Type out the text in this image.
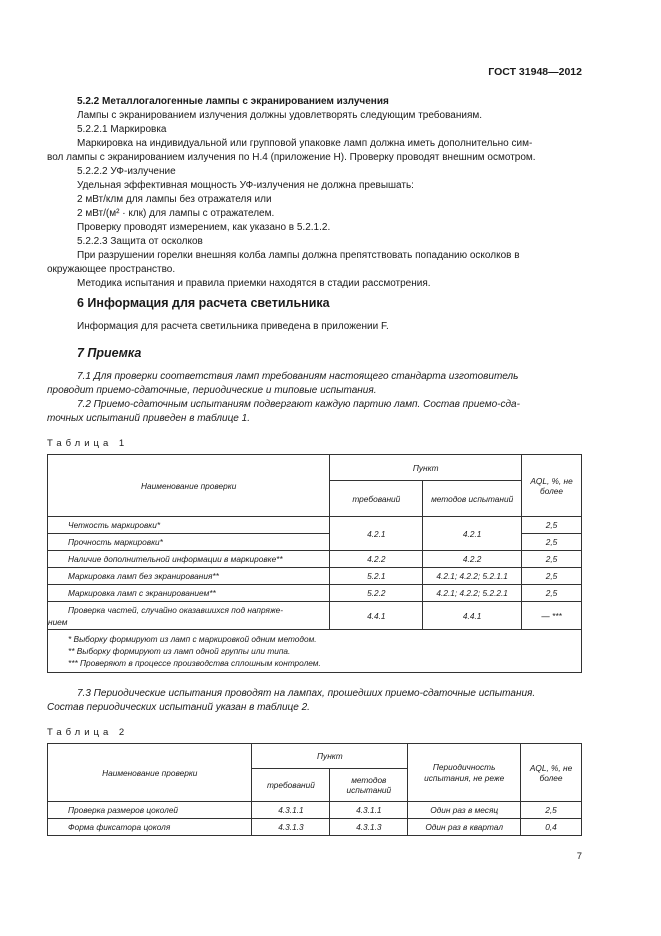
ГОСТ 31948—2012
5.2.2 Металлогалогенные лампы с экранированием излучения
Лампы с экранированием излучения должны удовлетворять следующим требованиям.
5.2.2.1 Маркировка
Маркировка на индивидуальной или групповой упаковке ламп должна иметь дополнительно сим-
вол лампы с экранированием излучения по Н.4 (приложение Н). Проверку проводят внешним осмотром.
5.2.2.2 УФ-излучение
Удельная эффективная мощность УФ-излучения не должна превышать:
2 мВт/клм для лампы без отражателя или
2 мВт/(м² · клк) для лампы с отражателем.
Проверку проводят измерением, как указано в 5.2.1.2.
5.2.2.3 Защита от осколков
При разрушении горелки внешняя колба лампы должна препятствовать попаданию осколков в
окружающее пространство.
Методика испытания и правила приемки находятся в стадии рассмотрения.
6 Информация для расчета светильника
Информация для расчета светильника приведена в приложении F.
7 Приемка
7.1 Для проверки соответствия ламп требованиям настоящего стандарта изготовитель
проводит приемо-сдаточные, периодические и типовые испытания.
7.2 Приемо-сдаточным испытаниям подвергают каждую партию ламп. Состав приемо-сда-
точных испытаний приведен в таблице 1.
Таблица 1
Наименование проверки	Пункт		AQL, %, не более
	требований	методов испытаний	
Четкость маркировки*	4.2.1	4.2.1	2,5
Прочность маркировки*			2,5
Наличие дополнительной информации в маркировке**	4.2.2	4.2.2	2,5
Маркировка ламп без экранирования**	5.2.1	4.2.1; 4.2.2; 5.2.1.1	2,5
Маркировка ламп с экранированием**	5.2.2	4.2.1; 4.2.2; 5.2.2.1	2,5

Проверка частей, случайно оказавшихся под напряже-
нием	4.4.1	4.4.1	— ***

* Выборку формируют из ламп с маркировкой одним методом.
** Выборку формируют из ламп одной группы или типа.
*** Проверяют в процессе производства сплошным контролем.			
7.3 Периодические испытания проводят на лампах, прошедших приемо-сдаточные испытания.
Состав периодических испытаний указан в таблице 2.
Таблица 2
Наименование проверки	Пункт		Периодичность испытания, не реже	AQL, %, не более
	требований	методов испытаний		
Проверка размеров цоколей	4.3.1.1	4.3.1.1	Один раз в месяц	2,5
Форма фиксатора цоколя	4.3.1.3	4.3.1.3	Один раз в квартал	0,4
7
